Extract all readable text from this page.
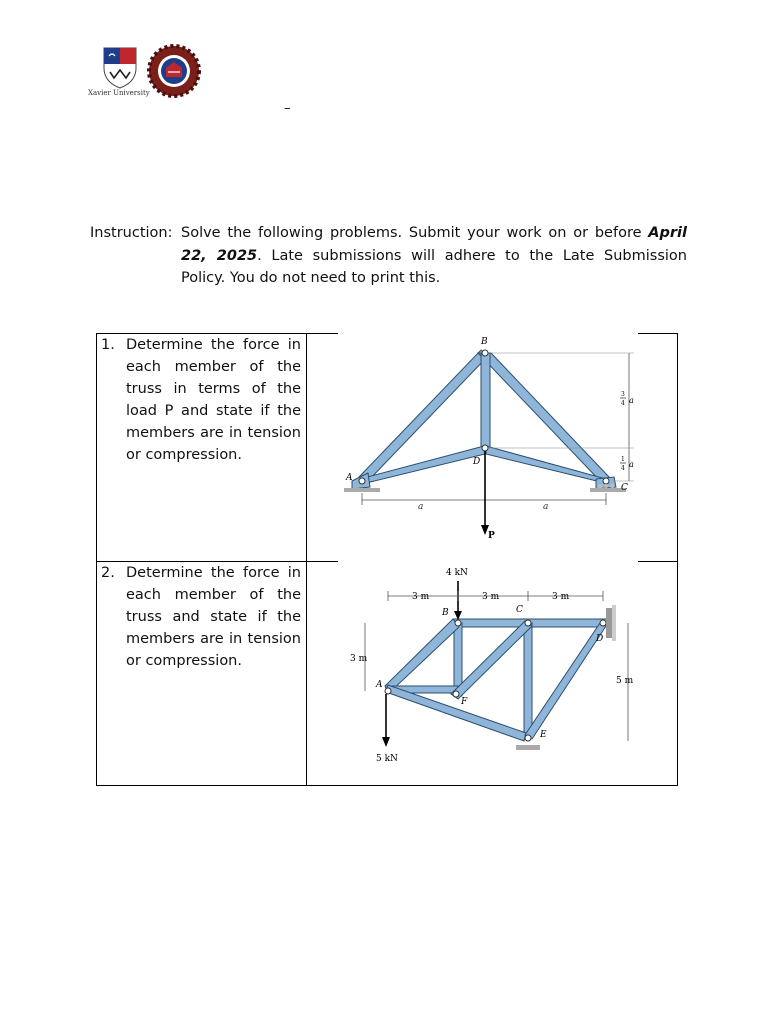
Xavier University
–
Instruction: Solve the following problems. Submit your work on or before April 22, 2025. Late submissions will adhere to the Late Submission Policy. You do not need to print this.
1. Determine the force in each member of the truss in terms of the load P and state if the members are in tension or compression.
2. Determine the force in each member of the truss and state if the members are in tension or compression.
B
D
A
C
a	a
P
3
4 a
1
4 a
4 kN
5 kN
3 m	3 m	3 m
3 m
5 m
B	C
D
A
F
E
